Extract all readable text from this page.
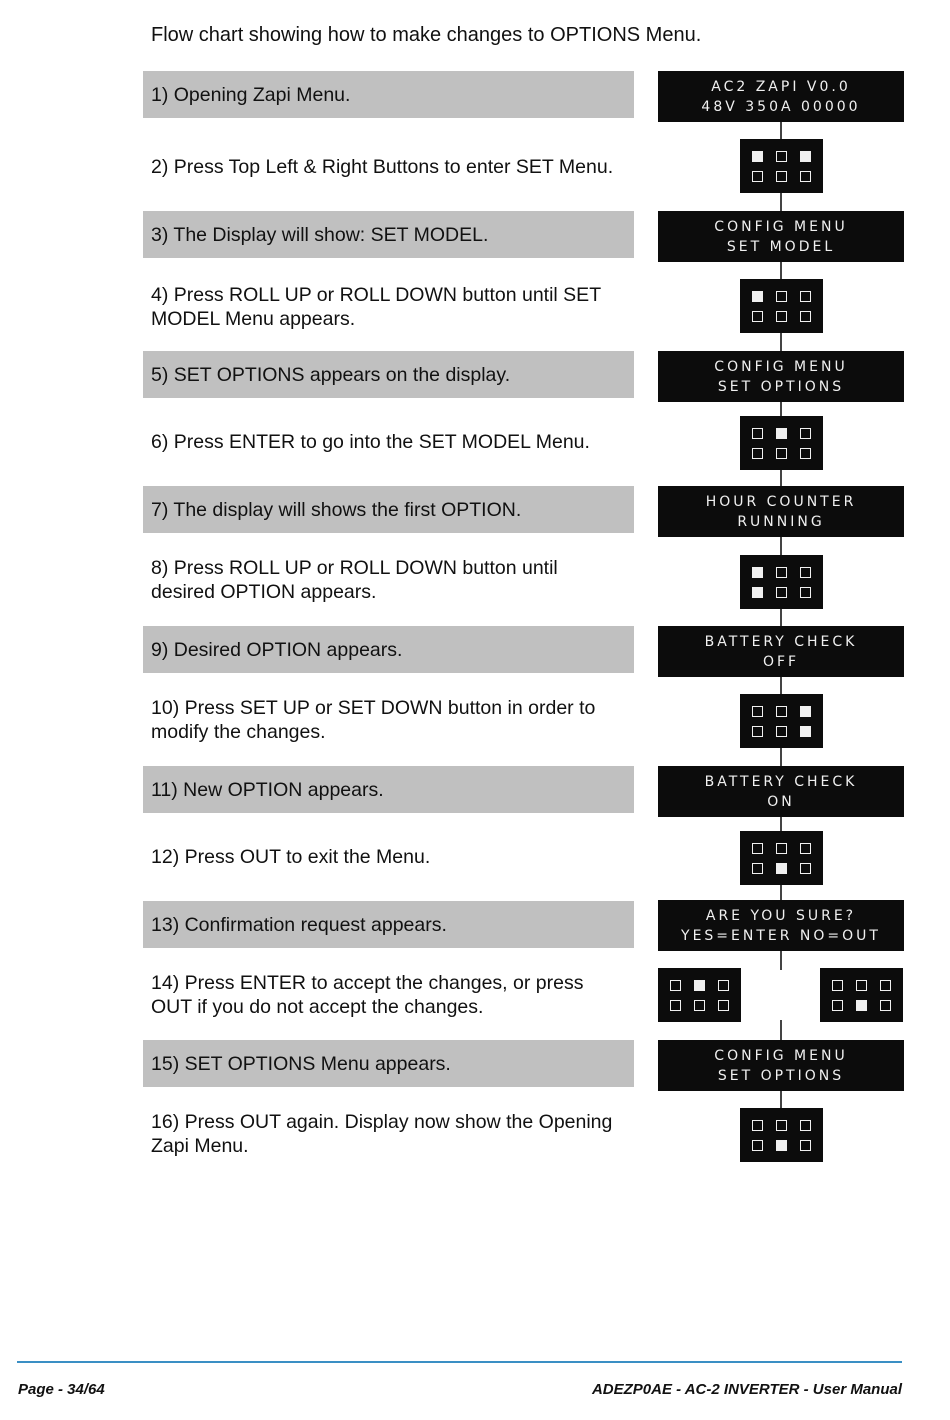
Flow chart showing how to make changes to OPTIONS Menu.
1) Opening Zapi Menu.
2) Press Top Left & Right Buttons to enter SET Menu.
3) The Display will show: SET MODEL.
4) Press ROLL UP or ROLL DOWN button until SET MODEL Menu appears.
5) SET OPTIONS appears on the display.
6) Press ENTER to go into the SET MODEL Menu.
7) The display will shows the first OPTION.
8) Press ROLL UP or ROLL DOWN button until desired OPTION appears.
9) Desired OPTION appears.
10) Press SET UP or SET DOWN button in order to modify the changes.
11) New OPTION appears.
12) Press OUT to exit the Menu.
13) Confirmation request appears.
14) Press ENTER to accept the changes, or press OUT if you do not accept the changes.
15) SET OPTIONS Menu appears.
16) Press OUT again. Display now show the Opening Zapi Menu.
AC2 ZAPI V0.0
48V 350A 00000
CONFIG MENU
SET MODEL
CONFIG MENU
SET OPTIONS
HOUR COUNTER
RUNNING
BATTERY CHECK
OFF
BATTERY CHECK
ON
ARE YOU SURE?
YES=ENTER NO=OUT
CONFIG MENU
SET OPTIONS
Page - 34/64	ADEZP0AE - AC-2 INVERTER - User Manual
